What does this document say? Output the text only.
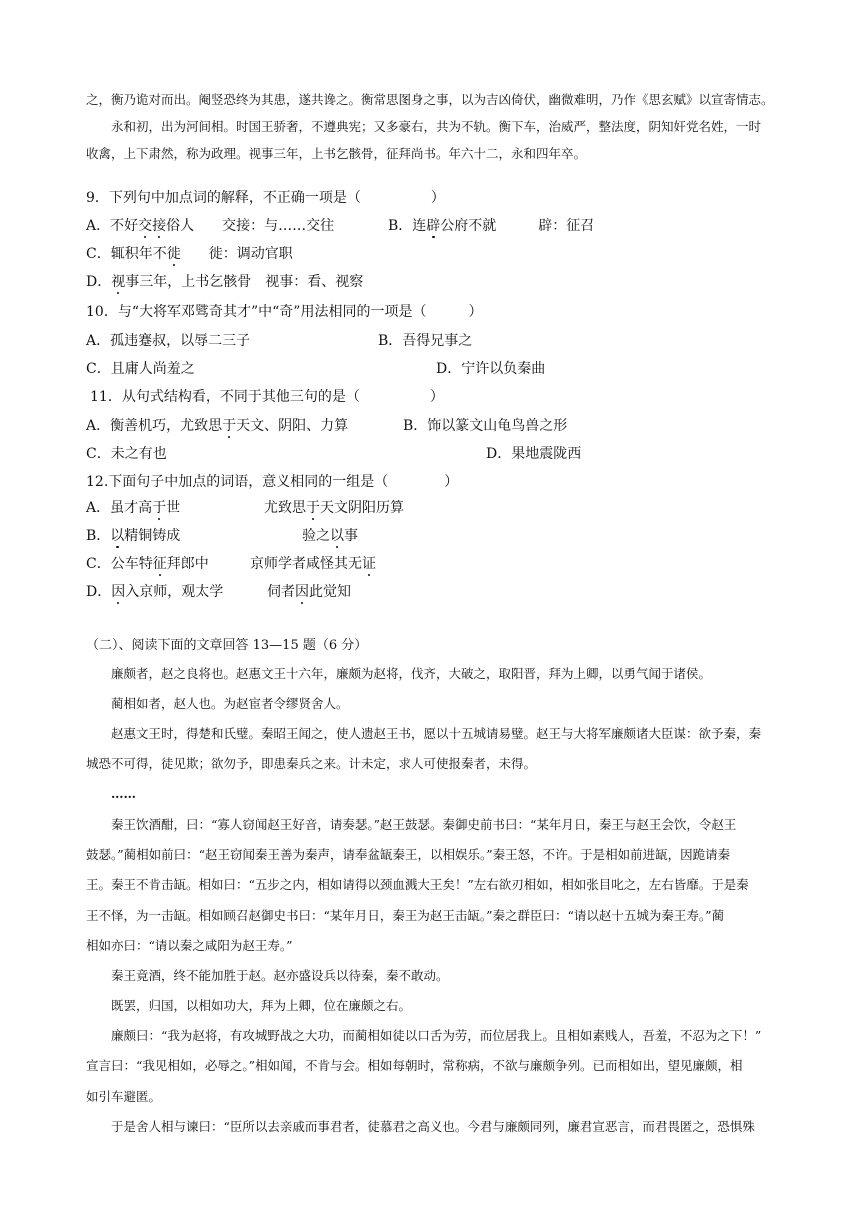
之，衡乃诡对而出。阉竖恐终为其患，遂共谗之。衡常思图身之事，以为吉凶倚伏，幽微难明，乃作《思玄赋》以宣寄情志。
永和初，出为河间相。时国王骄奢，不遵典宪；又多豪右，共为不轨。衡下车，治威严，整法度，阴知奸党名姓，一时
收禽，上下肃然，称为政理。视事三年，上书乞骸骨，征拜尚书。年六十二，永和四年卒。
9．下列句中加点词的解释，不正确一项是（　　　　　）
A．不好交接俗人　　交接：与……交往	B．连辟公府不就　　　辟：征召
C．辄积年不徙　　徙：调动官职
D．视事三年，上书乞骸骨　视事：看、视察
10．与“大将军邓骘奇其才”中“奇”用法相同的一项是（　　　）
A．孤违蹇叔，以辱二三子	B．吾得兄事之
C．且庸人尚羞之	D．宁许以负秦曲
11．从句式结构看，不同于其他三句的是（　　　　　）
A．衡善机巧，尤致思于天文、阴阳、力算	B．饰以篆文山龟鸟兽之形
C．未之有也	D．果地震陇西
12.下面句子中加点的词语，意义相同的一组是（　　　　）
A．虽才高于世	尤致思于天文阴阳历算
B．以精铜铸成	验之以事
C．公车特征拜郎中	京师学者咸怪其无证
D．因入京师，观太学	伺者因此觉知
（二）、阅读下面的文章回答 13—15 题（6 分）
廉颇者，赵之良将也。赵惠文王十六年，廉颇为赵将，伐齐，大破之，取阳晋，拜为上卿，以勇气闻于诸侯。
蔺相如者，赵人也。为赵宦者令缪贤舍人。
赵惠文王时，得楚和氏璧。秦昭王闻之，使人遗赵王书，愿以十五城请易璧。赵王与大将军廉颇诸大臣谋：欲予秦，秦
城恐不可得，徒见欺；欲勿予，即患秦兵之来。计未定，求人可使报秦者，未得。
……
秦王饮酒酣，曰：“寡人窃闻赵王好音，请奏瑟。”赵王鼓瑟。秦御史前书曰：“某年月日，秦王与赵王会饮，令赵王
鼓瑟。”蔺相如前曰：“赵王窃闻秦王善为秦声，请奉盆缻秦王，以相娱乐。”秦王怒，不许。于是相如前进缻，因跪请秦
王。秦王不肯击缻。相如曰：“五步之内，相如请得以颈血溅大王矣！”左右欲刃相如，相如张目叱之，左右皆靡。于是秦
王不怿，为一击缻。相如顾召赵御史书曰：“某年月日，秦王为赵王击缻。”秦之群臣曰：“请以赵十五城为秦王寿。”蔺
相如亦曰：“请以秦之咸阳为赵王寿。”
秦王竟酒，终不能加胜于赵。赵亦盛设兵以待秦，秦不敢动。
既罢，归国，以相如功大，拜为上卿，位在廉颇之右。
廉颇曰：“我为赵将，有攻城野战之大功，而蔺相如徒以口舌为劳，而位居我上。且相如素贱人，吾羞，不忍为之下！”
宣言曰：“我见相如，必辱之。”相如闻，不肯与会。相如每朝时，常称病，不欲与廉颇争列。已而相如出，望见廉颇，相
如引车避匿。
于是舍人相与谏曰：“臣所以去亲戚而事君者，徒慕君之高义也。今君与廉颇同列，廉君宣恶言，而君畏匿之，恐惧殊
